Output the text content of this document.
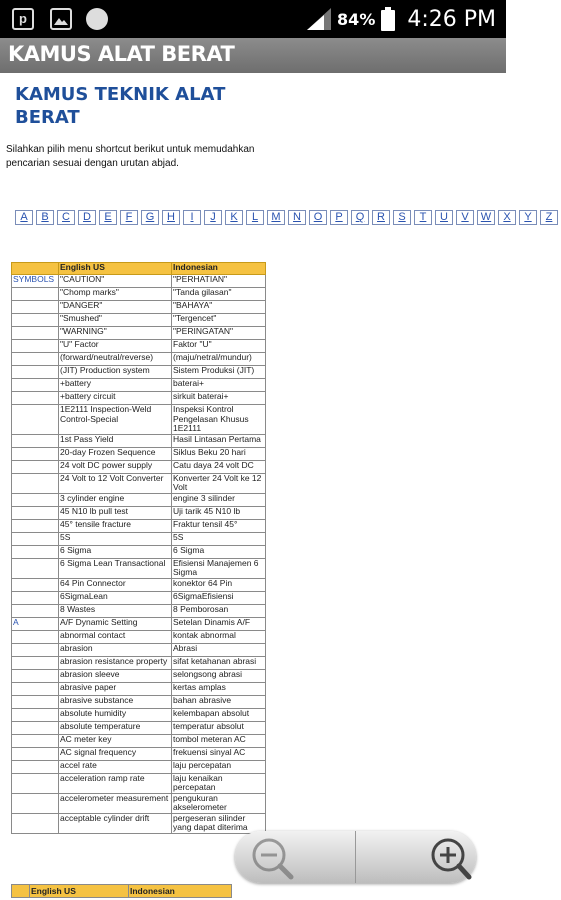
p	84% 4:26 PM
KAMUS ALAT BERAT
KAMUS TEKNIK ALAT BERAT
Silahkan pilih menu shortcut berikut untuk memudahkan pencarian sesuai dengan urutan abjad.
A	B	C	D	E	F	G	H	I	J	K	L	M	N	O	P	Q	R	S	T	U	V	W	X	Y	Z
	English US	Indonesian
SYMBOLS	"CAUTION"	"PERHATIAN"
	"Chomp marks"	"Tanda gilasan"
	"DANGER"	"BAHAYA"
	"Smushed"	"Tergencet"
	"WARNING"	"PERINGATAN"
	"U" Factor	Faktor "U"
	(forward/neutral/reverse)	(maju/netral/mundur)
	(JIT) Production system	Sistem Produksi (JIT)
	+battery	baterai+
	+battery circuit	sirkuit baterai+
	1E2111 Inspection-Weld Control-Special	Inspeksi Kontrol Pengelasan Khusus 1E2111
	1st Pass Yield	Hasil Lintasan Pertama
	20-day Frozen Sequence	Siklus Beku 20 hari
	24 volt DC power supply	Catu daya 24 volt DC
	24 Volt to 12 Volt Converter	Konverter 24 Volt ke 12 Volt
	3 cylinder engine	engine 3 silinder
	45 N10 lb pull test	Uji tarik 45 N10 lb
	45° tensile fracture	Fraktur tensil 45°
	5S	5S
	6 Sigma	6 Sigma
	6 Sigma Lean Transactional	Efisiensi Manajemen 6 Sigma
	64 Pin Connector	konektor 64 Pin
	6SigmaLean	6SigmaEfisiensi
	8 Wastes	8 Pemborosan
A	A/F Dynamic Setting	Setelan Dinamis A/F
	abnormal contact	kontak abnormal
	abrasion	Abrasi
	abrasion resistance property	sifat ketahanan abrasi
	abrasion sleeve	selongsong abrasi
	abrasive paper	kertas amplas
	abrasive substance	bahan abrasive
	absolute humidity	kelembapan absolut
	absolute temperature	temperatur absolut
	AC meter key	tombol meteran AC
	AC signal frequency	frekuensi sinyal AC
	accel rate	laju percepatan
	acceleration ramp rate	laju kenaikan percepatan
	accelerometer measurement	pengukuran akselerometer
	acceptable cylinder drift	pergeseran silinder yang dapat diterima
	English US	Indonesian
